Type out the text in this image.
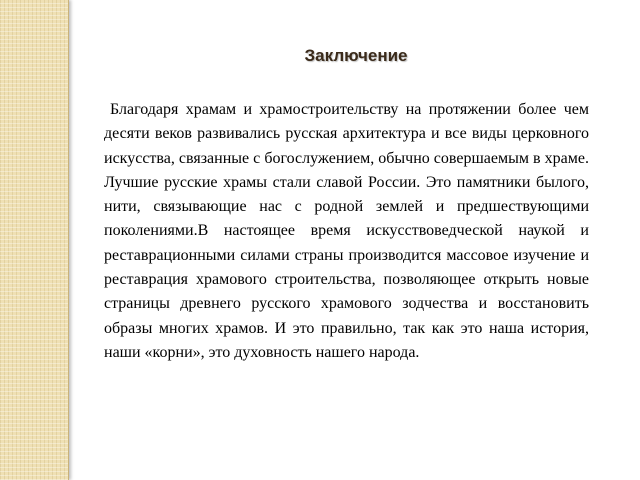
Заключение

Благодаря храмам и храмостроительству на протяжении более чем десяти веков развивались русская архитектура и все виды церковного искусства, связанные с богослужением, обычно совершаемым в храме. Лучшие русские храмы стали славой России. Это памятники былого, нити, связывающие нас с родной землей и предшествующими поколениями.В настоящее время искусствоведческой наукой и реставрационными силами страны производится массовое изучение и реставрация храмового строительства, позволяющее открыть новые страницы древнего русского храмового зодчества и восстановить образы многих храмов. И это правильно, так как это наша история, наши «корни», это духовность нашего народа.
